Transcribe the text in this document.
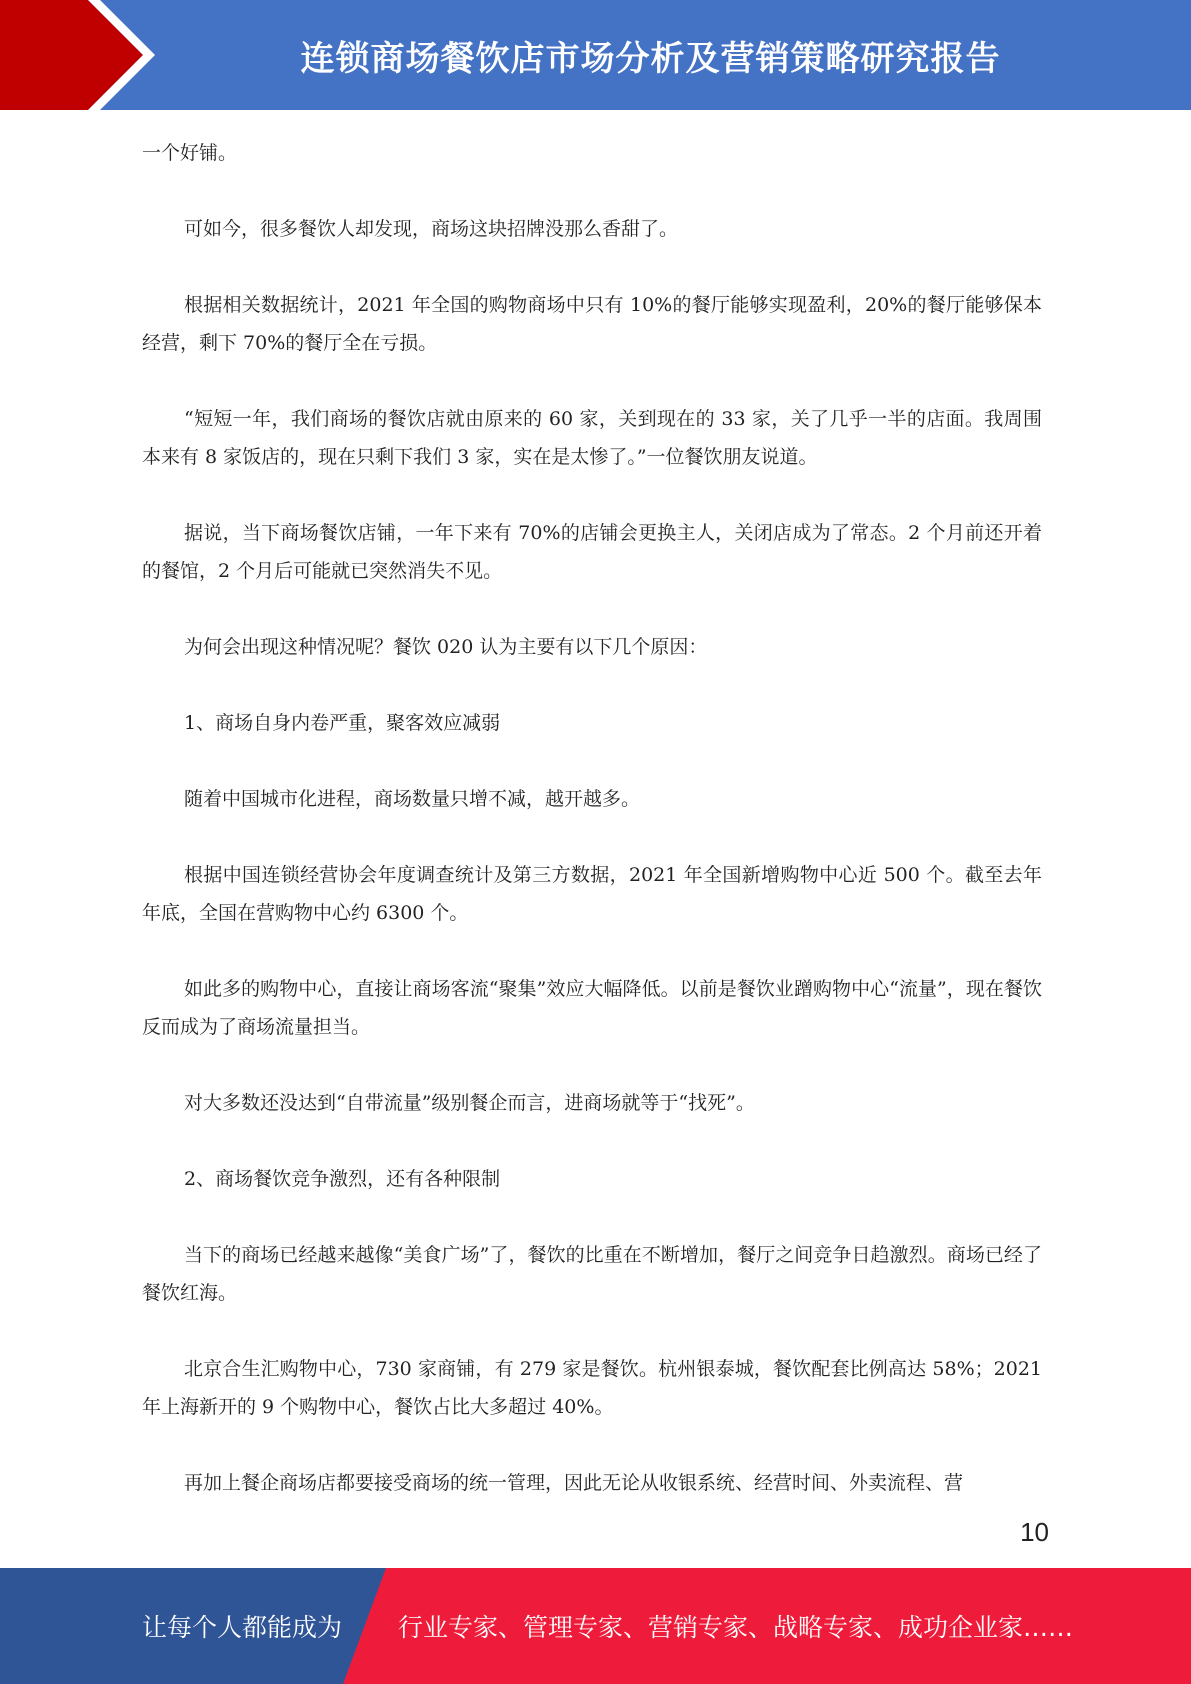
连锁商场餐饮店市场分析及营销策略研究报告

一个好铺。

可如今，很多餐饮人却发现，商场这块招牌没那么香甜了。

根据相关数据统计，2021 年全国的购物商场中只有 10%的餐厅能够实现盈利，20%的餐厅能够保本经营，剩下 70%的餐厅全在亏损。

“短短一年，我们商场的餐饮店就由原来的 60 家，关到现在的 33 家，关了几乎一半的店面。我周围本来有 8 家饭店的，现在只剩下我们 3 家，实在是太惨了。”一位餐饮朋友说道。

据说，当下商场餐饮店铺，一年下来有 70%的店铺会更换主人，关闭店成为了常态。2 个月前还开着的餐馆，2 个月后可能就已突然消失不见。

为何会出现这种情况呢？餐饮 020 认为主要有以下几个原因：

1、商场自身内卷严重，聚客效应减弱

随着中国城市化进程，商场数量只增不减，越开越多。

根据中国连锁经营协会年度调查统计及第三方数据，2021 年全国新增购物中心近 500 个。截至去年年底，全国在营购物中心约 6300 个。

如此多的购物中心，直接让商场客流“聚集”效应大幅降低。以前是餐饮业蹭购物中心“流量”，现在餐饮反而成为了商场流量担当。

对大多数还没达到“自带流量”级别餐企而言，进商场就等于“找死”。

2、商场餐饮竞争激烈，还有各种限制

当下的商场已经越来越像“美食广场”了，餐饮的比重在不断增加，餐厅之间竞争日趋激烈。商场已经了餐饮红海。

北京合生汇购物中心，730 家商铺，有 279 家是餐饮。杭州银泰城，餐饮配套比例高达 58%；2021 年上海新开的 9 个购物中心，餐饮占比大多超过 40%。

再加上餐企商场店都要接受商场的统一管理，因此无论从收银系统、经营时间、外卖流程、营

10
让每个人都能成为 行业专家、管理专家、营销专家、战略专家、成功企业家……
